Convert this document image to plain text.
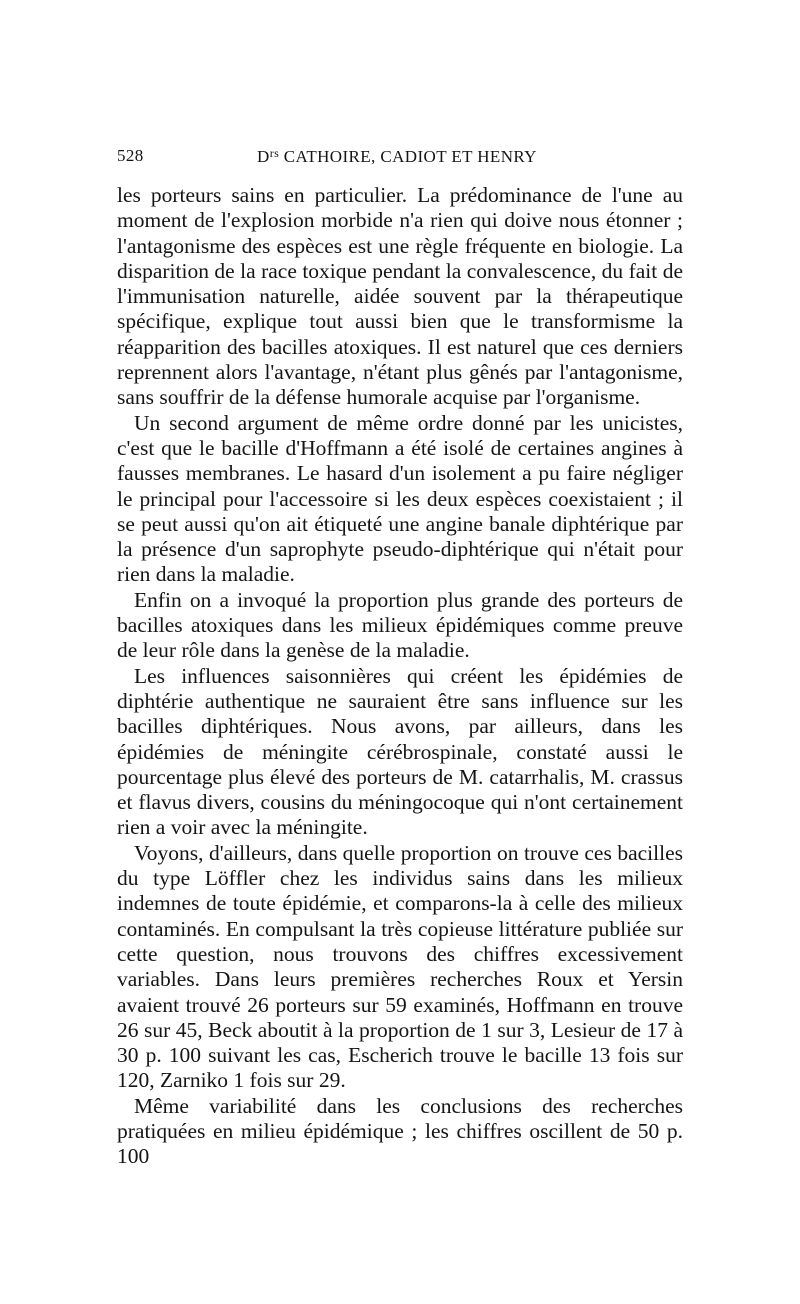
528	$D^{rs}$ CATHOIRE, CADIOT ET HENRY

les porteurs sains en particulier. La prédominance de l'une au moment de l'explosion morbide n'a rien qui doive nous étonner ; l'antagonisme des espèces est une règle fréquente en biologie. La disparition de la race toxique pendant la convalescence, du fait de l'immunisation naturelle, aidée souvent par la thérapeutique spécifique, explique tout aussi bien que le transformisme la réapparition des bacilles atoxiques. Il est naturel que ces derniers reprennent alors l'avantage, n'étant plus gênés par l'antagonisme, sans souffrir de la défense humorale acquise par l'organisme.

Un second argument de même ordre donné par les unicistes, c'est que le bacille d'Hoffmann a été isolé de certaines angines à fausses membranes. Le hasard d'un isolement a pu faire négliger le principal pour l'accessoire si les deux espèces coexistaient ; il se peut aussi qu'on ait étiqueté une angine banale diphtérique par la présence d'un saprophyte pseudo-diphtérique qui n'était pour rien dans la maladie.

Enfin on a invoqué la proportion plus grande des porteurs de bacilles atoxiques dans les milieux épidémiques comme preuve de leur rôle dans la genèse de la maladie.

Les influences saisonnières qui créent les épidémies de diphtérie authentique ne sauraient être sans influence sur les bacilles diphtériques. Nous avons, par ailleurs, dans les épidémies de méningite cérébrospinale, constaté aussi le pourcentage plus élevé des porteurs de M. catarrhalis, M. crassus et flavus divers, cousins du méningocoque qui n'ont certainement rien a voir avec la méningite.

Voyons, d'ailleurs, dans quelle proportion on trouve ces bacilles du type Löffler chez les individus sains dans les milieux indemnes de toute épidémie, et comparons-la à celle des milieux contaminés. En compulsant la très copieuse littérature publiée sur cette question, nous trouvons des chiffres excessivement variables. Dans leurs premières recherches Roux et Yersin avaient trouvé 26 porteurs sur 59 examinés, Hoffmann en trouve 26 sur 45, Beck aboutit à la proportion de 1 sur 3, Lesieur de 17 à 30 p. 100 suivant les cas, Escherich trouve le bacille 13 fois sur 120, Zarniko 1 fois sur 29.

Même variabilité dans les conclusions des recherches pratiquées en milieu épidémique ; les chiffres oscillent de 50 p. 100
